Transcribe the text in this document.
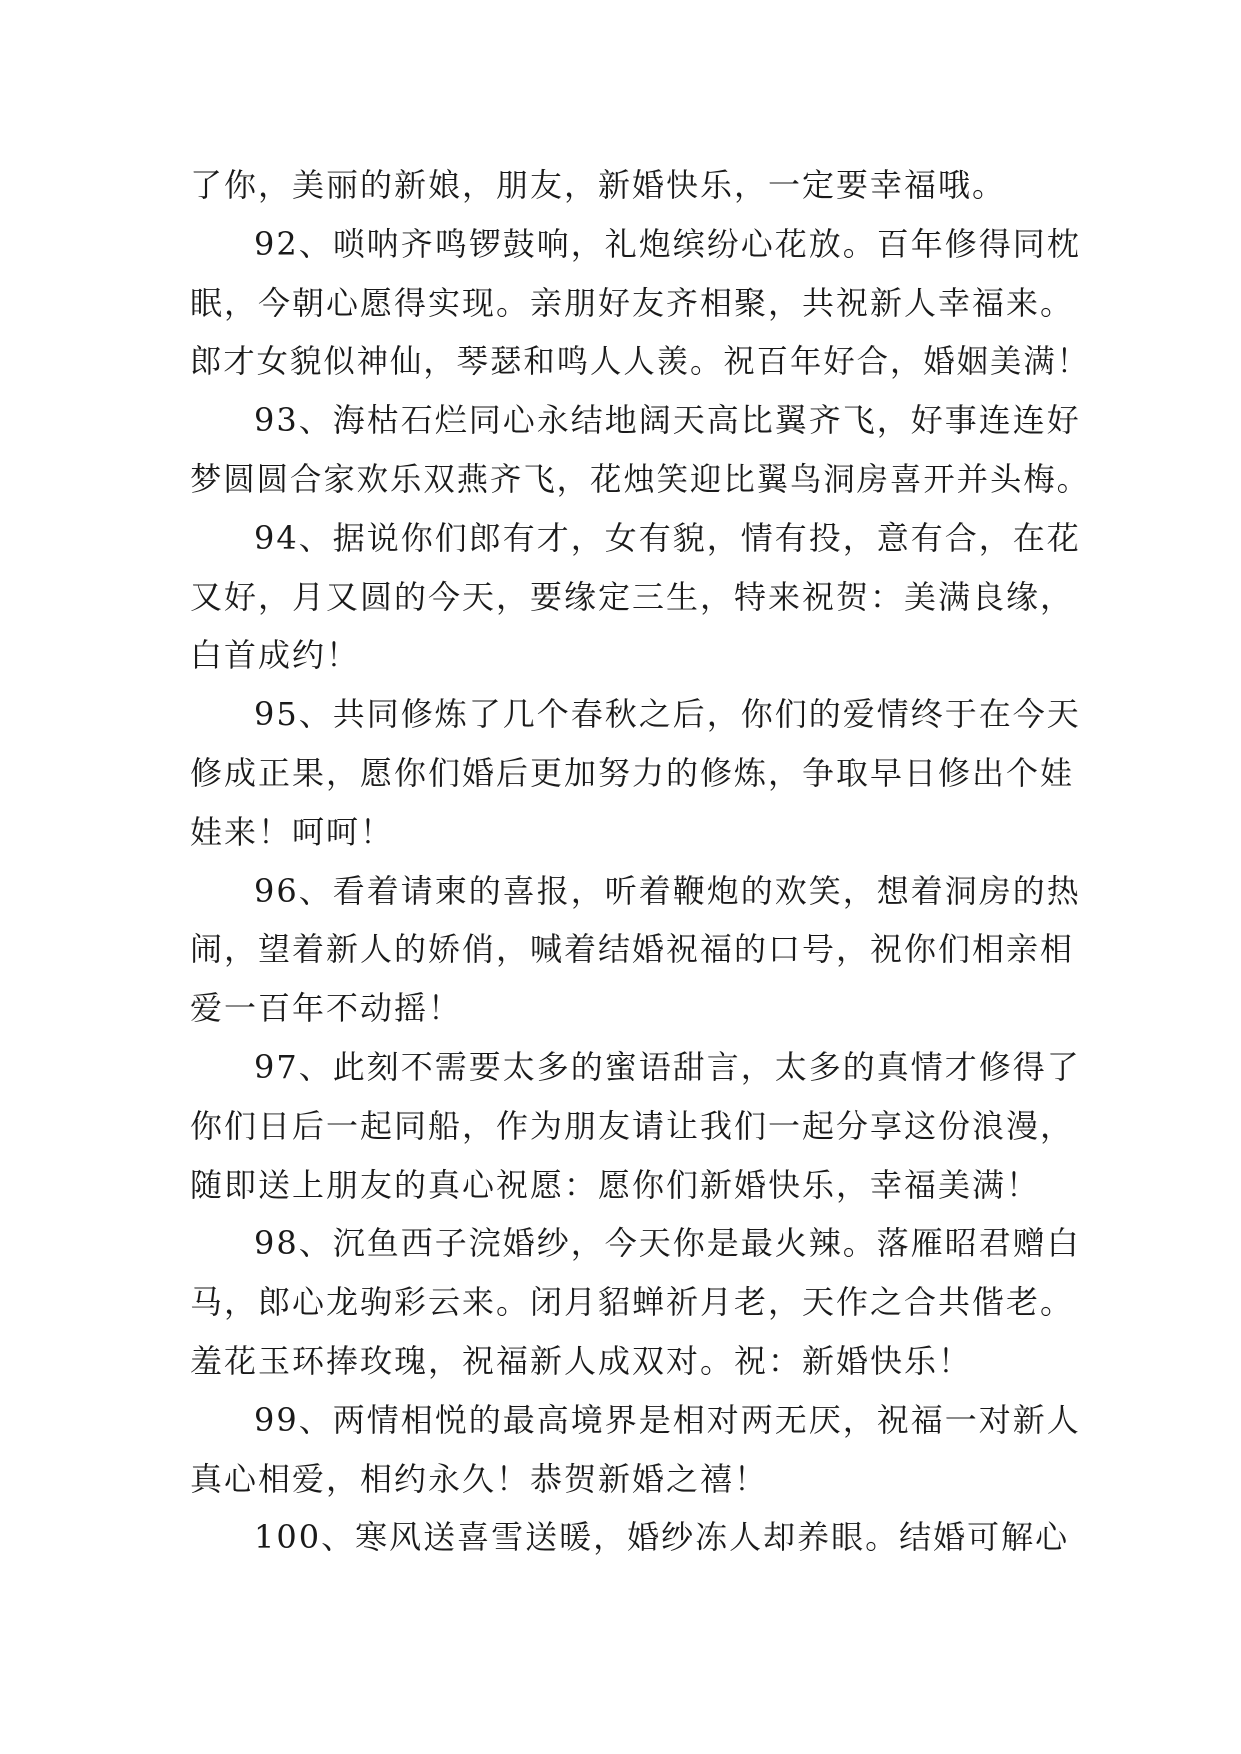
了你，美丽的新娘，朋友，新婚快乐，一定要幸福哦。
92、唢呐齐鸣锣鼓响，礼炮缤纷心花放。百年修得同枕
眠，今朝心愿得实现。亲朋好友齐相聚，共祝新人幸福来。
郎才女貌似神仙，琴瑟和鸣人人羡。祝百年好合，婚姻美满！
93、海枯石烂同心永结地阔天高比翼齐飞，好事连连好
梦圆圆合家欢乐双燕齐飞，花烛笑迎比翼鸟洞房喜开并头梅。
94、据说你们郎有才，女有貌，情有投，意有合，在花
又好，月又圆的今天，要缘定三生，特来祝贺：美满良缘，
白首成约！
95、共同修炼了几个春秋之后，你们的爱情终于在今天
修成正果，愿你们婚后更加努力的修炼，争取早日修出个娃
娃来！呵呵！
96、看着请柬的喜报，听着鞭炮的欢笑，想着洞房的热
闹，望着新人的娇俏，喊着结婚祝福的口号，祝你们相亲相
爱一百年不动摇！
97、此刻不需要太多的蜜语甜言，太多的真情才修得了
你们日后一起同船，作为朋友请让我们一起分享这份浪漫，
随即送上朋友的真心祝愿：愿你们新婚快乐，幸福美满！
98、沉鱼西子浣婚纱，今天你是最火辣。落雁昭君赠白
马，郎心龙驹彩云来。闭月貂蝉祈月老，天作之合共偕老。
羞花玉环捧玫瑰，祝福新人成双对。祝：新婚快乐！
99、两情相悦的最高境界是相对两无厌，祝福一对新人
真心相爱，相约永久！恭贺新婚之禧！
100、寒风送喜雪送暖，婚纱冻人却养眼。结婚可解心
